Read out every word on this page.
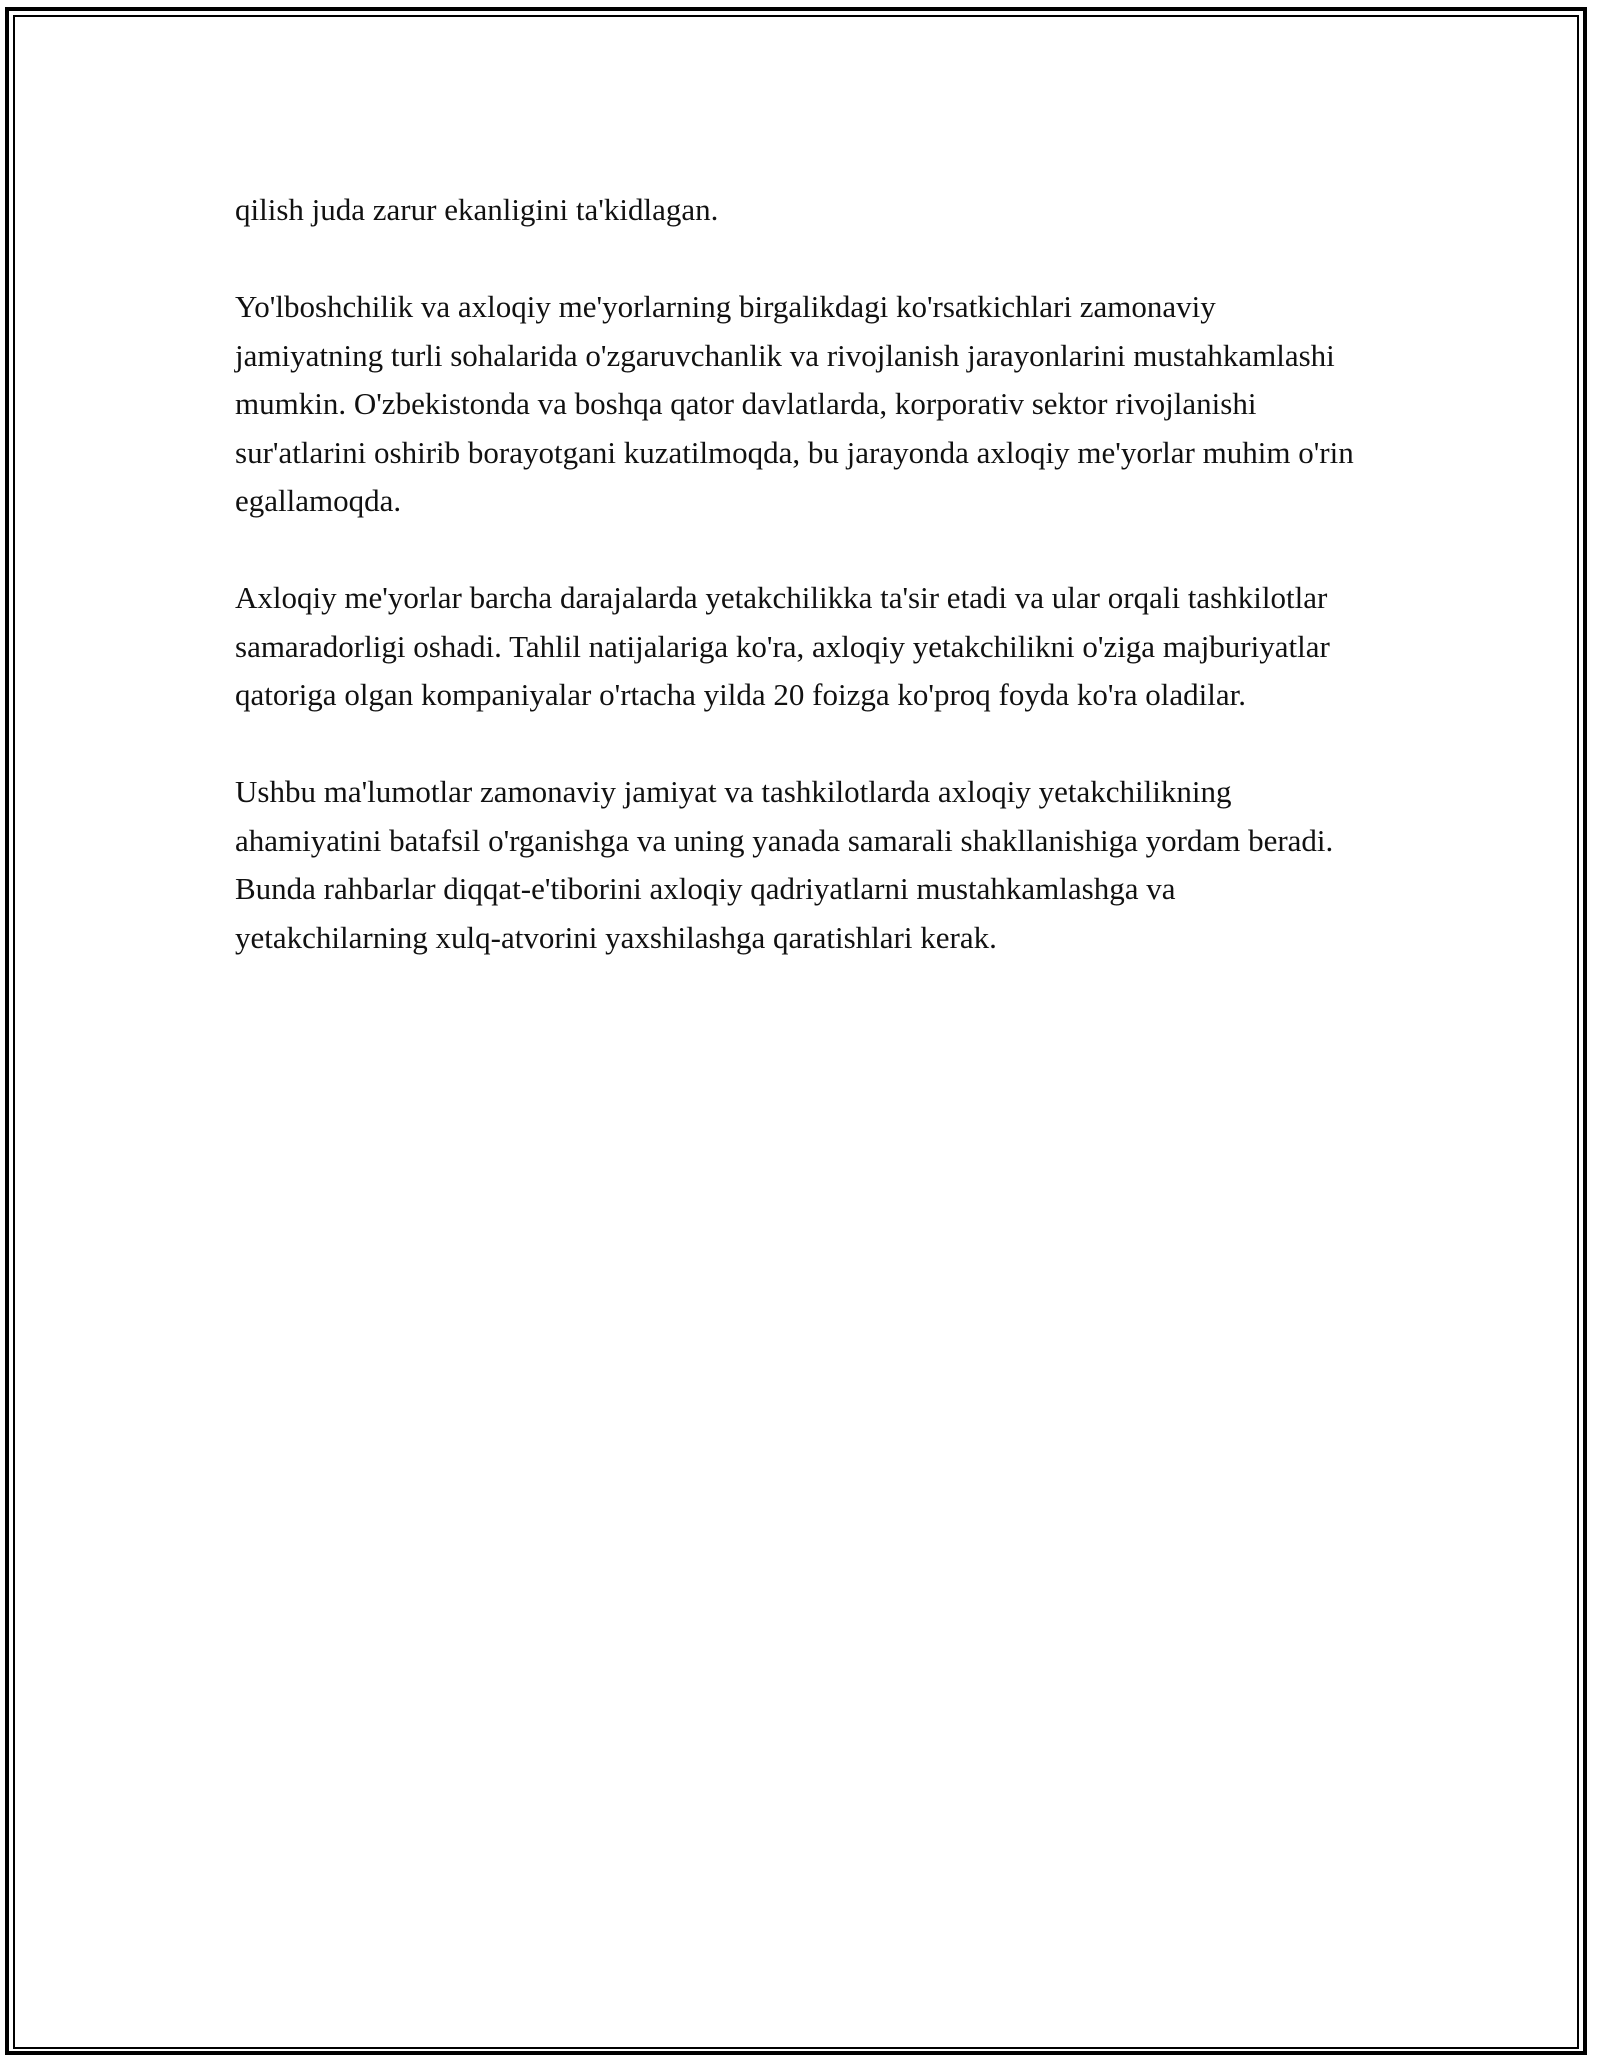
qilish juda zarur ekanligini ta'kidlagan.

Yo'lboshchilik va axloqiy me'yorlarning birgalikdagi ko'rsatkichlari zamonaviy jamiyatning turli sohalarida o'zgaruvchanlik va rivojlanish jarayonlarini mustahkamlashi mumkin. O'zbekistonda va boshqa qator davlatlarda, korporativ sektor rivojlanishi sur'atlarini oshirib borayotgani kuzatilmoqda, bu jarayonda axloqiy me'yorlar muhim o'rin egallamoqda.

Axloqiy me'yorlar barcha darajalarda yetakchilikka ta'sir etadi va ular orqali tashkilotlar samaradorligi oshadi. Tahlil natijalariga ko'ra, axloqiy yetakchilikni o'ziga majburiyatlar qatoriga olgan kompaniyalar o'rtacha yilda 20 foizga ko'proq foyda ko'ra oladilar.

Ushbu ma'lumotlar zamonaviy jamiyat va tashkilotlarda axloqiy yetakchilikning ahamiyatini batafsil o'rganishga va uning yanada samarali shakllanishiga yordam beradi. Bunda rahbarlar diqqat-e'tiborini axloqiy qadriyatlarni mustahkamlashga va yetakchilarning xulq-atvorini yaxshilashga qaratishlari kerak.
